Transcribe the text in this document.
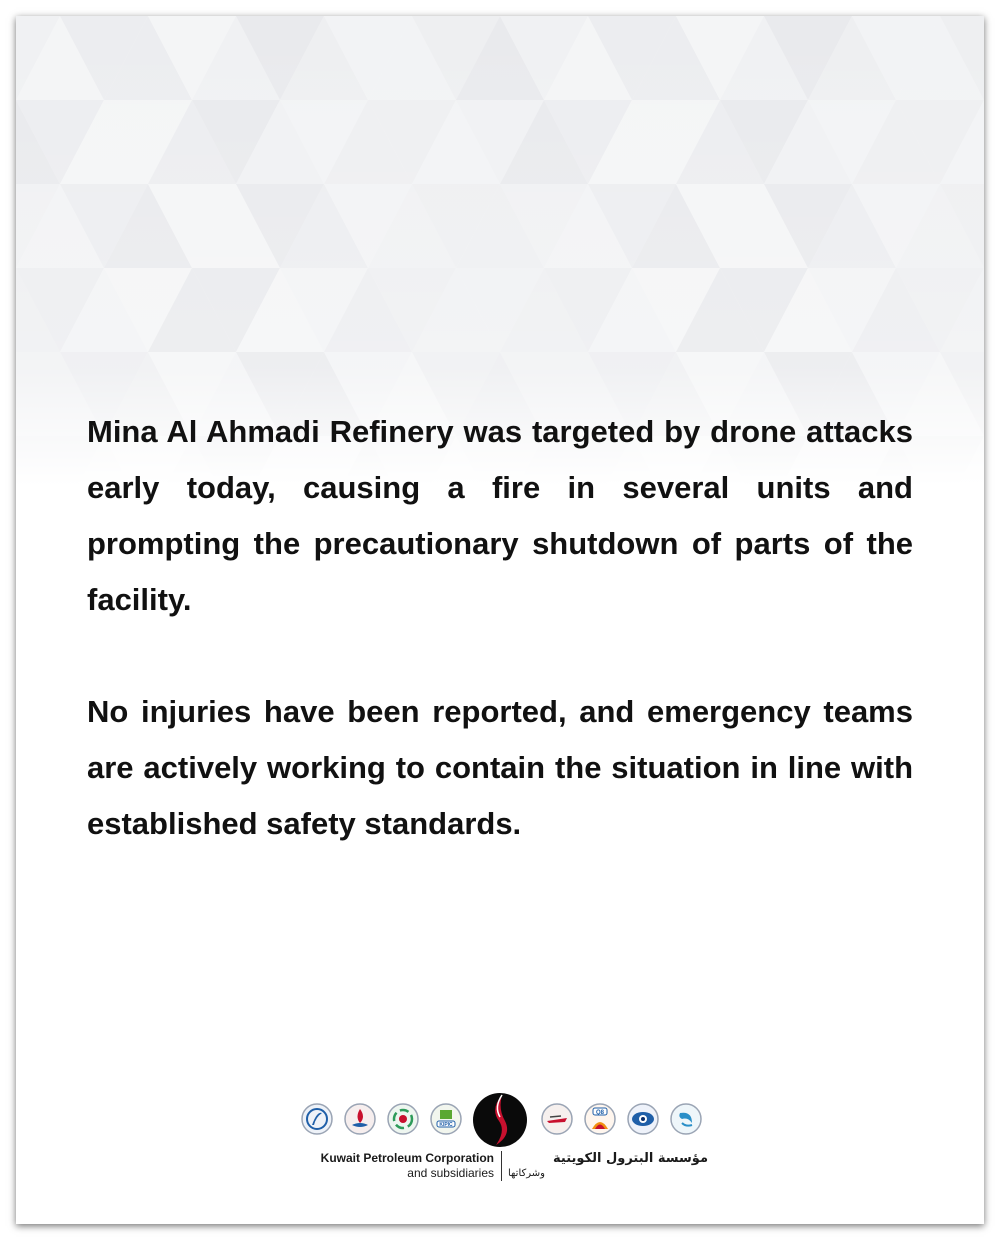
Mina Al Ahmadi Refinery was targeted by drone attacks early today, causing a fire in several units and prompting the precautionary shutdown of parts of the facility.

No injuries have been reported, and emergency teams are actively working to contain the situation in line with established safety standards.

KIPIC
Q8
Kuwait Petroleum Corporation
and subsidiaries
مؤسسة البترول الكويتية
وشركاتها
